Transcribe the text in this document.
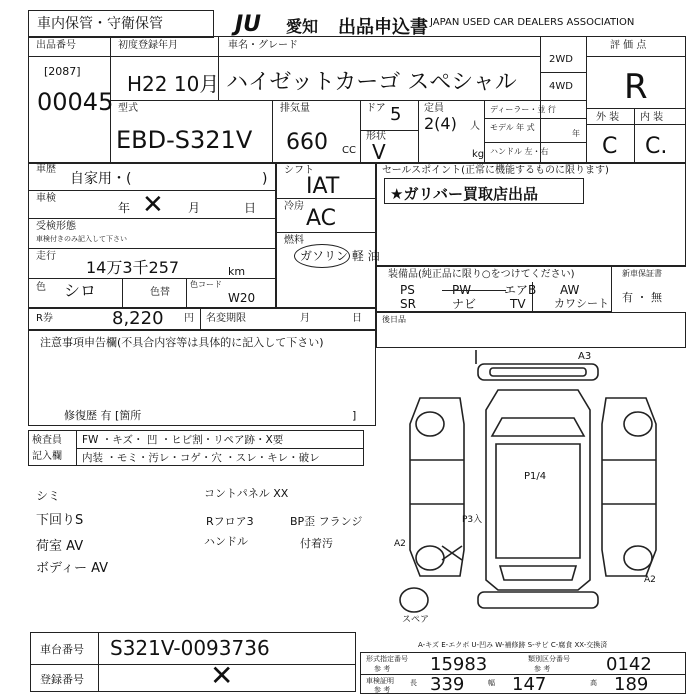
車内保管・守衛保管	JU 愛知 出品申込書 JAPAN USED CAR DEALERS ASSOCIATION
出品番号
[2087]
00045
初度登録年月	車名・グレード
H22 10月 ハイゼットカーゴ スペシャル
2WD
4WD
評 価 点
R
外 装 内 装
C C.
型式
EBD-S321V
排気量
660 CC
ドア 5
形状
V
定員
2(4) 人
kg
ディーラー・並 行
モデル 年 式
年
ハンドル 左・右
車歴
自家用・(	)
車検
年 ✕ 月	日
受検形態
車検付きのみ記入して下さい
走行
14万3千257	km
色 シロ	色替
色コード
W20
シフト
IAT
冷房 AC
燃料
ガソリン 軽 油
セールスポイント(正常に機能するものに限ります)
★ガリバー買取店出品
装備品(純正品に限り○をつけてください)
PS	PW	エアB AW
SR	ナビ	TV	カワシート
新車保証書
有 ・ 無
R券	8,220 円 名変期限	月	日	後日品
注意事項申告欄(不具合内容等は具体的に記入して下さい)
修復歴 有 [箇所	]
検査員
記入欄
FW ・キズ・ 凹 ・ヒビ割・リペア跡・X要
内装 ・モミ・汚レ・コゲ・穴 ・スレ・キレ・破レ
シミ
下回りS
荷室 AV
ボディー AV
コントパネル XX
Rフロア3	BP歪 フランジ
ハンドル	付着汚
A3
P1/4
P3入
A2
A2
スペア
車台番号 S321V-0093736
登録番号	✕
A-キズ E-エクボ U-凹み W-補修跡 S-サビ C-腐食 XX-交換済
形式指定番号
参 考 15983	類別区分番号
参 考	0142
車検証明
参 考
長 339	幅 147	高 189
